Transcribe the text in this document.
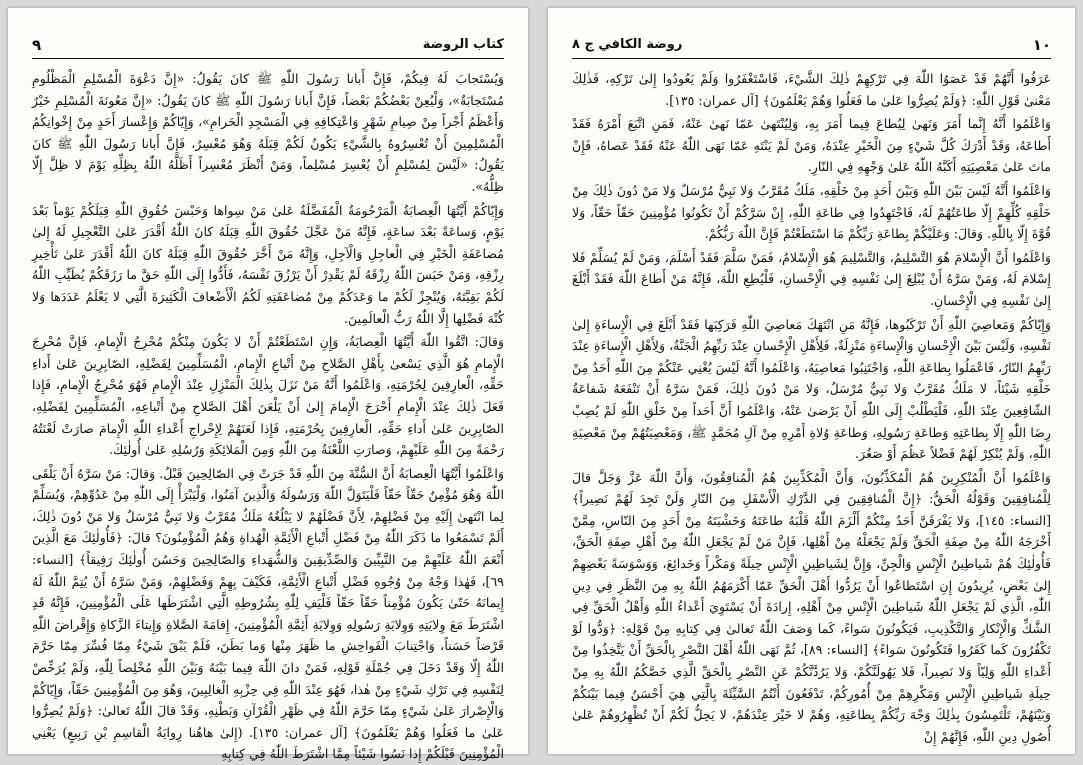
كتاب الروضة
٩

وَيُسْتَجابَ لَهُ فِيكُمْ، فَإِنَّ أَبانا رَسُولَ اللّٰهِ ﷺ كانَ يَقُولُ: «إِنَّ دَعْوَةَ الْمُسْلِمِ الْمَظْلُومِ مُسْتَجابَةٌ»، وَلْيُعِنْ بَعْضُكُمْ بَعْضاً، فَإِنَّ أَبانا رَسُولَ اللّٰهِ ﷺ كانَ يَقُولُ: «إِنَّ مَعُونَةَ الْمُسْلِمِ خَيْرٌ وَأَعْظَمُ أَجْراً مِنْ صِيامِ شَهْرٍ وَاعْتِكافِهِ فِي الْمَسْجِدِ الْحَرامِ»، وَإِيّاكُمْ وَإِعْسارَ أَحَدٍ مِنْ إِخْوانِكُمُ الْمُسْلِمِينَ أَنْ تُعْسِرُوهُ بِالشَّيْءِ يَكُونُ لَكُمْ قِبَلَهُ وَهُوَ مُعْسِرٌ، فَإِنَّ أَبانا رَسُولَ اللّٰهِ ﷺ كانَ يَقُولُ: «لَيْسَ لِمُسْلِمٍ أَنْ يُعْسِرَ مُسْلِماً، وَمَنْ أَنْظَرَ مُعْسِراً أَظَلَّهُ اللّٰهُ بِظِلِّهِ يَوْمَ لا ظِلَّ إِلّا ظِلُّهُ».

وَإِيّاكُمْ أَيَّتُهَا الْعِصابَةُ الْمَرْحُومَةُ الْمُفَضَّلَةُ عَلىٰ مَنْ سِواها وَحَبْسَ حُقُوقِ اللّٰهِ قِبَلَكُمْ يَوْماً بَعْدَ يَوْمٍ، وَساعَةً بَعْدَ ساعَةٍ، فَإِنَّهُ مَنْ عَجَّلَ حُقُوقَ اللّٰهِ قِبَلَهُ كانَ اللّٰهُ أَقْدَرَ عَلىٰ التَّعْجِيلِ لَهُ إِلىٰ مُضاعَفَةِ الْخَيْرِ فِي الْعاجِلِ وَالْآجِلِ، وَإِنَّهُ مَنْ أَخَّرَ حُقُوقَ اللّٰهِ قِبَلَهُ كانَ اللّٰهُ أَقْدَرَ عَلىٰ تَأْخِيرِ رِزْقِهِ، وَمَنْ حَبَسَ اللّٰهُ رِزْقَهُ لَمْ يَقْدِرْ أَنْ يَرْزُقَ نَفْسَهُ، فَأَدُّوا إِلَى اللّٰهِ حَقَّ ما رَزَقَكُمْ يُطَيِّبِ اللّٰهُ لَكُمْ بَقِيَّتَهُ، وَيُنْجِزْ لَكُمْ ما وَعَدَكُمْ مِنْ مُضاعَفَتِهِ لَكُمُ الْأَضْعافَ الْكَثِيرَةَ الَّتِي لا يَعْلَمُ عَدَدَها وَلا كُنْهَ فَضْلِها إِلَّا اللّٰهُ رَبُّ الْعالَمِينَ.

وَقالَ: اتَّقُوا اللّٰهَ أَيَّتُهَا الْعِصابَةُ، وَإِنِ اسْتَطَعْتُمْ أَنْ لا يَكُونَ مِنْكُمْ مُحْرِجُ الْإِمامِ، فَإِنَّ مُحْرِجَ الْإِمامِ هُوَ الَّذِي يَسْعىٰ بِأَهْلِ الصَّلاحِ مِنْ أَتْباعِ الْإِمامِ، الْمُسَلِّمِينَ لِفَضْلِهِ، الصّابِرِينَ عَلىٰ أَداءِ حَقِّهِ، الْعارِفِينَ لِحُرْمَتِهِ، وَاعْلَمُوا أَنَّهُ مَنْ نَزَلَ بِذٰلِكَ الْمَنْزِلِ عِنْدَ الْإِمامِ فَهُوَ مُحْرِجُ الْإِمامِ، فَإِذا فَعَلَ ذٰلِكَ عِنْدَ الْإِمامِ أَحْرَجَ الْإِمامَ إِلىٰ أَنْ يَلْعَنَ أَهْلَ الصَّلاحِ مِنْ أَتْباعِهِ، الْمُسَلِّمِينَ لِفَضْلِهِ، الصّابِرِينَ عَلىٰ أَداءِ حَقِّهِ، الْعارِفِينَ بِحُرْمَتِهِ، فَإِذا لَعَنَهُمْ لِإِحْراجِ أَعْداءِ اللّٰهِ الْإِمامَ صارَتْ لَعْنَتُهُ رَحْمَةً مِنَ اللّٰهِ عَلَيْهِمْ، وَصارَتِ اللَّعْنَةُ مِنَ اللّٰهِ وَمِنَ الْمَلائِكَةِ وَرُسُلِهِ عَلىٰ أُولٰئِكَ.

وَاعْلَمُوا أَيَّتُهَا الْعِصابَةُ أَنَّ السُّنَّةَ مِنَ اللّٰهِ قَدْ جَرَتْ فِي الصّالِحِينَ قَبْلُ. وَقالَ: مَنْ سَرَّهُ أَنْ يَلْقَى اللّٰهَ وَهُوَ مُؤْمِنٌ حَقّاً حَقّاً فَلْيَتَوَلَّ اللّٰهَ وَرَسُولَهُ وَالَّذِينَ آمَنُوا، وَلْيَبْرَأْ إِلَى اللّٰهِ مِنْ عَدُوِّهِمْ، وَيُسَلِّمْ لِما انْتَهىٰ إِلَيْهِ مِنْ فَضْلِهِمْ، لِأَنَّ فَضْلَهُمْ لا يَبْلُغُهُ مَلَكٌ مُقَرَّبٌ وَلا نَبِيٌّ مُرْسَلٌ وَلا مَنْ دُونَ ذٰلِكَ، أَلَمْ تَسْمَعُوا ما ذَكَرَ اللّٰهُ مِنْ فَضْلِ أَتْباعِ الْأَئِمَّةِ الْهُداةِ وَهُمُ الْمُؤْمِنُونَ؟ قالَ: ﴿فَأُولٰئِكَ مَعَ الَّذِينَ أَنْعَمَ اللّٰهُ عَلَيْهِمْ مِنَ النَّبِيِّينَ وَالصِّدِّيقِينَ وَالشُّهَداءِ وَالصّالِحِينَ وَحَسُنَ أُولٰئِكَ رَفِيقاً﴾ [النساء: ٦٩]، فَهٰذا وَجْهٌ مِنْ وُجُوهِ فَضْلِ أَتْباعِ الْأَئِمَّةِ، فَكَيْفَ بِهِمْ وَفَضْلِهِمْ، وَمَنْ سَرَّهُ أَنْ يُتِمَّ اللّٰهُ لَهُ إِيمانَهُ حَتّىٰ يَكُونَ مُؤْمِناً حَقّاً حَقّاً فَلْيَفِ لِلّٰهِ بِشُرُوطِهِ الَّتِي اشْتَرَطَها عَلَى الْمُؤْمِنِينَ، فَإِنَّهُ قَدِ اشْتَرَطَ مَعَ وِلايَتِهِ وَوِلايَةِ رَسُولِهِ وَوِلايَةِ أَئِمَّةِ الْمُؤْمِنِينَ، إِقامَةَ الصَّلاةِ وَإِيتاءَ الزَّكاةِ وَإِقْراضَ اللّٰهِ قَرْضاً حَسَناً، وَاجْتِنابَ الْفَواحِشِ ما ظَهَرَ مِنْها وَما بَطَنَ، فَلَمْ يَبْقَ شَيْءٌ مِمّا فُسِّرَ مِمّا حَرَّمَ اللّٰهُ إِلّا وَقَدْ دَخَلَ فِي جُمْلَةِ قَوْلِهِ، فَمَنْ دانَ اللّٰهَ فِيما بَيْنَهُ وَبَيْنَ اللّٰهِ مُخْلِصاً لِلّٰهِ، وَلَمْ يُرَخِّصْ لِنَفْسِهِ فِي تَرْكِ شَيْءٍ مِنْ هٰذا، فَهُوَ عِنْدَ اللّٰهِ فِي حِزْبِهِ الْغالِبِينَ، وَهُوَ مِنَ الْمُؤْمِنِينَ حَقّاً، وَإِيّاكُمْ وَالْإِصْرارَ عَلىٰ شَيْءٍ مِمّا حَرَّمَ اللّٰهُ فِي ظَهْرِ الْقُرْآنِ وَبَطْنِهِ، وَقَدْ قالَ اللّٰهُ تَعالىٰ: ﴿وَلَمْ يُصِرُّوا عَلىٰ ما فَعَلُوا وَهُمْ يَعْلَمُونَ﴾ [آل عمران: ١٣٥]. (إِلىٰ هاهُنا رِوايَةُ الْقاسِمِ بْنِ رَبِيعٍ) يَعْنِي الْمُؤْمِنِينَ قَبْلَكُمْ إِذا نَسُوا شَيْئاً مِمَّا اشْتَرَطَ اللّٰهُ فِي كِتابِهِ

١٠
روضة الكافي ج ٨

عَرَفُوا أَنَّهُمْ قَدْ عَصَوُا اللّٰهَ فِي تَرْكِهِمْ ذٰلِكَ الشَّيْءَ، فَاسْتَغْفَرُوا وَلَمْ يَعُودُوا إِلىٰ تَرْكِهِ، فَذٰلِكَ مَعْنىٰ قَوْلِ اللّٰهِ: ﴿وَلَمْ يُصِرُّوا عَلىٰ ما فَعَلُوا وَهُمْ يَعْلَمُونَ﴾ [آل عمران: ١٣٥].

وَاعْلَمُوا أَنَّهُ إِنَّما أَمَرَ وَنَهىٰ لِيُطاعَ فِيما أَمَرَ بِهِ، وَلِيُنْتَهىٰ عَمّا نَهىٰ عَنْهُ، فَمَنِ اتَّبَعَ أَمْرَهُ فَقَدْ أَطاعَهُ، وَقَدْ أَدْرَكَ كُلَّ شَيْءٍ مِنَ الْخَيْرِ عِنْدَهُ، وَمَنْ لَمْ يَنْتَهِ عَمّا نَهَى اللّٰهُ عَنْهُ فَقَدْ عَصاهُ، فَإِنْ ماتَ عَلىٰ مَعْصِيَتِهِ أَكَبَّهُ اللّٰهُ عَلىٰ وَجْهِهِ فِي النّارِ.

وَاعْلَمُوا أَنَّهُ لَيْسَ بَيْنَ اللّٰهِ وَبَيْنَ أَحَدٍ مِنْ خَلْقِهِ، مَلَكٌ مُقَرَّبٌ وَلا نَبِيٌّ مُرْسَلٌ وَلا مَنْ دُونَ ذٰلِكَ مِنْ خَلْقِهِ كُلِّهِمْ إِلّا طاعَتُهُمْ لَهُ، فَاجْتَهِدُوا فِي طاعَةِ اللّٰهِ، إِنْ سَرَّكُمْ أَنْ تَكُونُوا مُؤْمِنِينَ حَقّاً حَقّاً، وَلا قُوَّةَ إِلّا بِاللّٰهِ. وَقالَ: وَعَلَيْكُمْ بِطاعَةِ رَبِّكُمْ مَا اسْتَطَعْتُمْ فَإِنَّ اللّٰهَ رَبُّكُمْ.

وَاعْلَمُوا أَنَّ الْإِسْلامَ هُوَ التَّسْلِيمُ، وَالتَّسْلِيمَ هُوَ الْإِسْلامُ، فَمَنْ سَلَّمَ فَقَدْ أَسْلَمَ، وَمَنْ لَمْ يُسَلِّمْ فَلا إِسْلامَ لَهُ، وَمَنْ سَرَّهُ أَنْ يُبْلِغَ إِلىٰ نَفْسِهِ فِي الْإِحْسانِ، فَلْيُطِعِ اللّٰهَ، فَإِنَّهُ مَنْ أَطاعَ اللّٰهَ فَقَدْ أَبْلَغَ إِلىٰ نَفْسِهِ فِي الْإِحْسانِ.

وَإِيّاكُمْ وَمَعاصِيَ اللّٰهِ أَنْ تَرْكَبُوها، فَإِنَّهُ مَنِ انْتَهَكَ مَعاصِيَ اللّٰهِ فَرَكِبَها فَقَدْ أَبْلَغَ فِي الْإِساءَةِ إِلىٰ نَفْسِهِ، وَلَيْسَ بَيْنَ الْإِحْسانِ وَالْإِساءَةِ مَنْزِلَةٌ، فَلِأَهْلِ الْإِحْسانِ عِنْدَ رَبِّهِمُ الْجَنَّةُ، وَلِأَهْلِ الْإِساءَةِ عِنْدَ رَبِّهِمُ النّارُ، فَاعْمَلُوا بِطاعَةِ اللّٰهِ، وَاجْتَنِبُوا مَعاصِيَهُ، وَاعْلَمُوا أَنَّهُ لَيْسَ يُغْنِي عَنْكُمْ مِنَ اللّٰهِ أَحَدٌ مِنْ خَلْقِهِ شَيْئاً، لا مَلَكٌ مُقَرَّبٌ وَلا نَبِيٌّ مُرْسَلٌ، وَلا مَنْ دُونَ ذٰلِكَ، فَمَنْ سَرَّهُ أَنْ تَنْفَعَهُ شَفاعَةُ الشّافِعِينَ عِنْدَ اللّٰهِ، فَلْيَطْلُبْ إِلَى اللّٰهِ أَنْ يَرْضىٰ عَنْهُ، وَاعْلَمُوا أَنَّ أَحَداً مِنْ خَلْقِ اللّٰهِ لَمْ يُصِبْ رِضَا اللّٰهِ إِلّا بِطاعَتِهِ وَطاعَةِ رَسُولِهِ، وَطاعَةِ وُلاةِ أَمْرِهِ مِنْ آلِ مُحَمَّدٍ ﷺ، وَمَعْصِيَتُهُمْ مِنْ مَعْصِيَةِ اللّٰهِ، وَلَمْ يُنْكِرْ لَهُمْ فَضْلاً عَظُمَ أَوْ صَغُرَ.

وَاعْلَمُوا أَنَّ الْمُنْكِرِينَ هُمُ الْمُكَذِّبُونَ، وَأَنَّ الْمُكَذِّبِينَ هُمُ الْمُنافِقُونَ، وَأَنَّ اللّٰهَ عَزَّ وَجَلَّ قالَ لِلْمُنافِقِينَ وَقَوْلُهُ الْحَقُّ: ﴿إِنَّ الْمُنافِقِينَ فِي الدَّرْكِ الْأَسْفَلِ مِنَ النّارِ وَلَنْ تَجِدَ لَهُمْ نَصِيراً﴾ [النساء: ١٤٥]، وَلا يَفْرَقَنَّ أَحَدٌ مِنْكُمْ أَلْزَمَ اللّٰهُ قَلْبَهُ طاعَتَهُ وَخَشْيَتَهُ مِنْ أَحَدٍ مِنَ النّاسِ، مِمَّنْ أَخْرَجَهُ اللّٰهُ مِنْ صِفَةِ الْحَقِّ وَلَمْ يَجْعَلْهُ مِنْ أَهْلِها، فَإِنَّ مَنْ لَمْ يَجْعَلِ اللّٰهُ مِنْ أَهْلِ صِفَةِ الْحَقِّ، فَأُولٰئِكَ هُمْ شَياطِينُ الْإِنْسِ وَالْجِنِّ، وَإِنَّ لِشَياطِينِ الْإِنْسِ حِيلَةً وَمَكْراً وَخَدائِعَ، وَوَسْوَسَةً بَعْضِهِمْ إِلىٰ بَعْضٍ، يُرِيدُونَ إِنِ اسْتَطاعُوا أَنْ يَرُدُّوا أَهْلَ الْحَقِّ عَمّا أَكْرَمَهُمُ اللّٰهُ بِهِ مِنَ النَّظَرِ فِي دِينِ اللّٰهِ، الَّذِي لَمْ يَجْعَلِ اللّٰهُ شَياطِينَ الْإِنْسِ مِنْ أَهْلِهِ، إِرادَةَ أَنْ يَسْتَوِيَ أَعْداءُ اللّٰهِ وَأَهْلُ الْحَقِّ فِي الشَّكِّ وَالْإِنْكارِ وَالتَّكْذِيبِ، فَيَكُونُونَ سَواءً، كَما وَصَفَ اللّٰهُ تَعالىٰ فِي كِتابِهِ مِنْ قَوْلِهِ: ﴿وَدُّوا لَوْ تَكْفُرُونَ كَما كَفَرُوا فَتَكُونُونَ سَواءً﴾ [النساء: ٨٩]، ثُمَّ نَهَى اللّٰهُ أَهْلَ النَّصْرِ بِالْحَقِّ أَنْ يَتَّخِذُوا مِنْ أَعْداءِ اللّٰهِ وَلِيّاً وَلا نَصِيراً، فَلا يَهُولَنَّكُمْ، وَلا يَرُدَّنَّكُمْ عَنِ النَّصْرِ بِالْحَقِّ الَّذِي خَصَّكُمُ اللّٰهُ بِهِ مِنْ حِيلَةِ شَياطِينِ الْإِنْسِ وَمَكْرِهِمْ مِنْ أُمُورِكُمْ، تَدْفَعُونَ أَنْتُمُ السَّيِّئَةَ بِالَّتِي هِيَ أَحْسَنُ فِيما بَيْنَكُمْ وَبَيْنَهُمْ، تَلْتَمِسُونَ بِذٰلِكَ وَجْهَ رَبِّكُمْ بِطاعَتِهِ، وَهُمْ لا خَيْرَ عِنْدَهُمْ، لا يَحِلُّ لَكُمْ أَنْ تُظْهِرُوهُمْ عَلىٰ أُصُولِ دِينِ اللّٰهِ، فَإِنَّهُمْ إِنْ
